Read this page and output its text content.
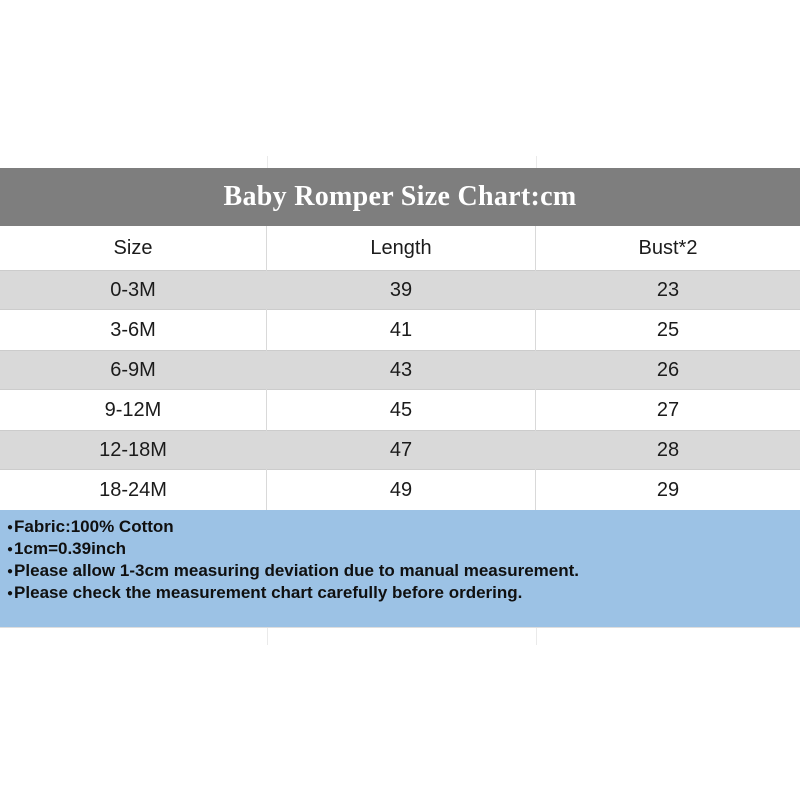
Baby Romper Size Chart:cm
Size	Length	Bust*2
0-3M	39	23
3-6M	41	25
6-9M	43	26
9-12M	45	27
12-18M	47	28
18-24M	49	29
●Fabric:100% Cotton
●1cm=0.39inch
●Please allow 1-3cm measuring deviation due to manual measurement.
●Please check the measurement chart carefully before ordering.
